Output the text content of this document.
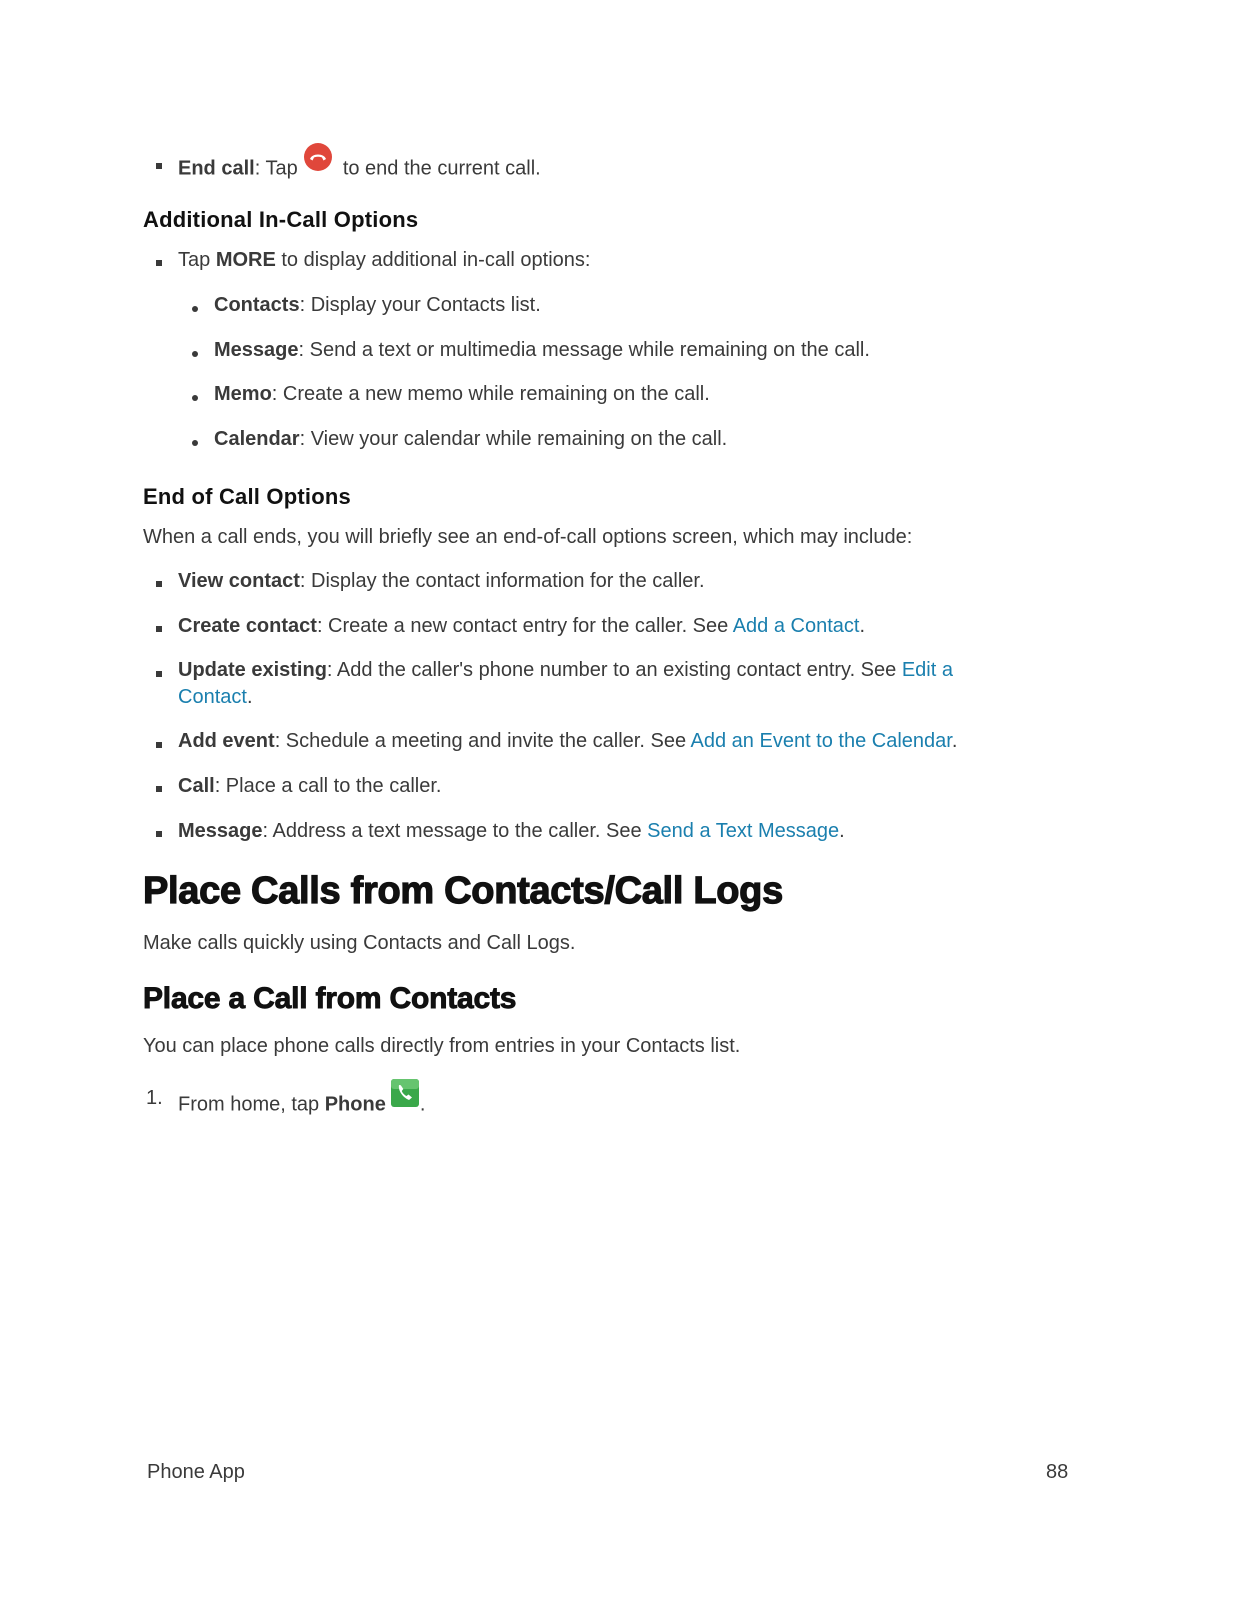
End call: Tap  to end the current call.
Additional In-Call Options
Tap MORE to display additional in-call options:
Contacts: Display your Contacts list.
Message: Send a text or multimedia message while remaining on the call.
Memo: Create a new memo while remaining on the call.
Calendar: View your calendar while remaining on the call.
End of Call Options
When a call ends, you will briefly see an end-of-call options screen, which may include:
View contact: Display the contact information for the caller.
Create contact: Create a new contact entry for the caller. See Add a Contact.
Update existing: Add the caller's phone number to an existing contact entry. See Edit a
Contact.
Add event: Schedule a meeting and invite the caller. See Add an Event to the Calendar.
Call: Place a call to the caller.
Message: Address a text message to the caller. See Send a Text Message.
Place Calls from Contacts/Call Logs
Make calls quickly using Contacts and Call Logs.
Place a Call from Contacts
You can place phone calls directly from entries in your Contacts list.
1. From home, tap Phone .
Phone App	88
